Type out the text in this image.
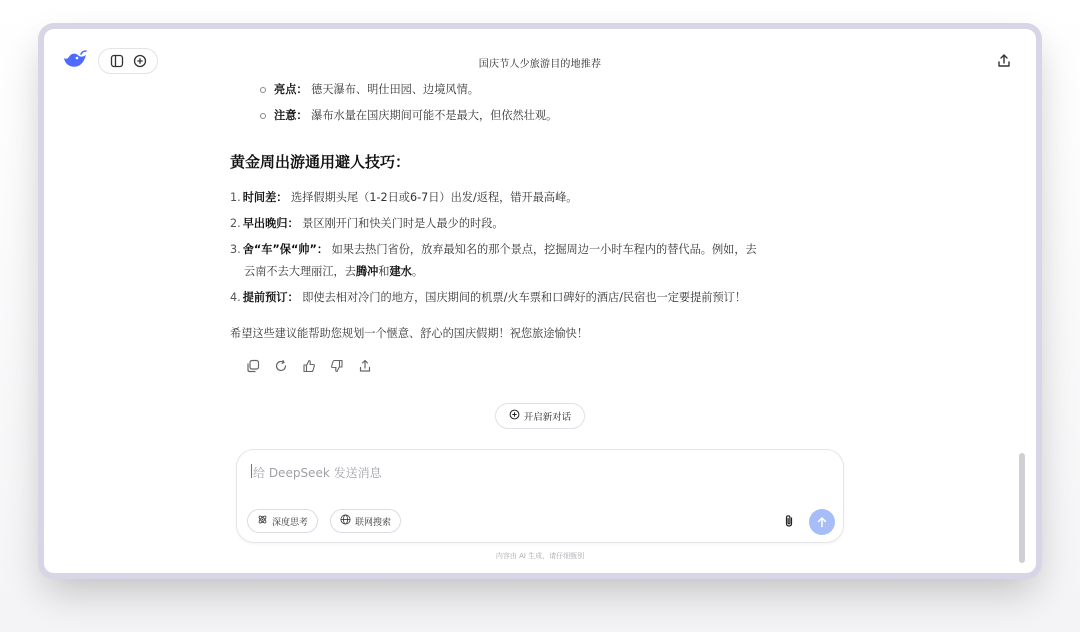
国庆节人少旅游目的地推荐
亮点： 德天瀑布、明仕田园、边境风情。
注意： 瀑布水量在国庆期间可能不是最大，但依然壮观。
黄金周出游通用避人技巧：
1. 时间差： 选择假期头尾（1-2日或6-7日）出发/返程，错开最高峰。
2. 早出晚归： 景区刚开门和快关门时是人最少的时段。
3. 舍“车”保“帅”： 如果去热门省份，放弃最知名的那个景点，挖掘周边一小时车程内的替代品。例如，去
云南不去大理丽江，去腾冲和建水。
4. 提前预订： 即使去相对冷门的地方，国庆期间的机票/火车票和口碑好的酒店/民宿也一定要提前预订！
希望这些建议能帮助您规划一个惬意、舒心的国庆假期！祝您旅途愉快！
开启新对话
给 DeepSeek 发送消息
深度思考	联网搜索
内容由 AI 生成，请仔细甄别
